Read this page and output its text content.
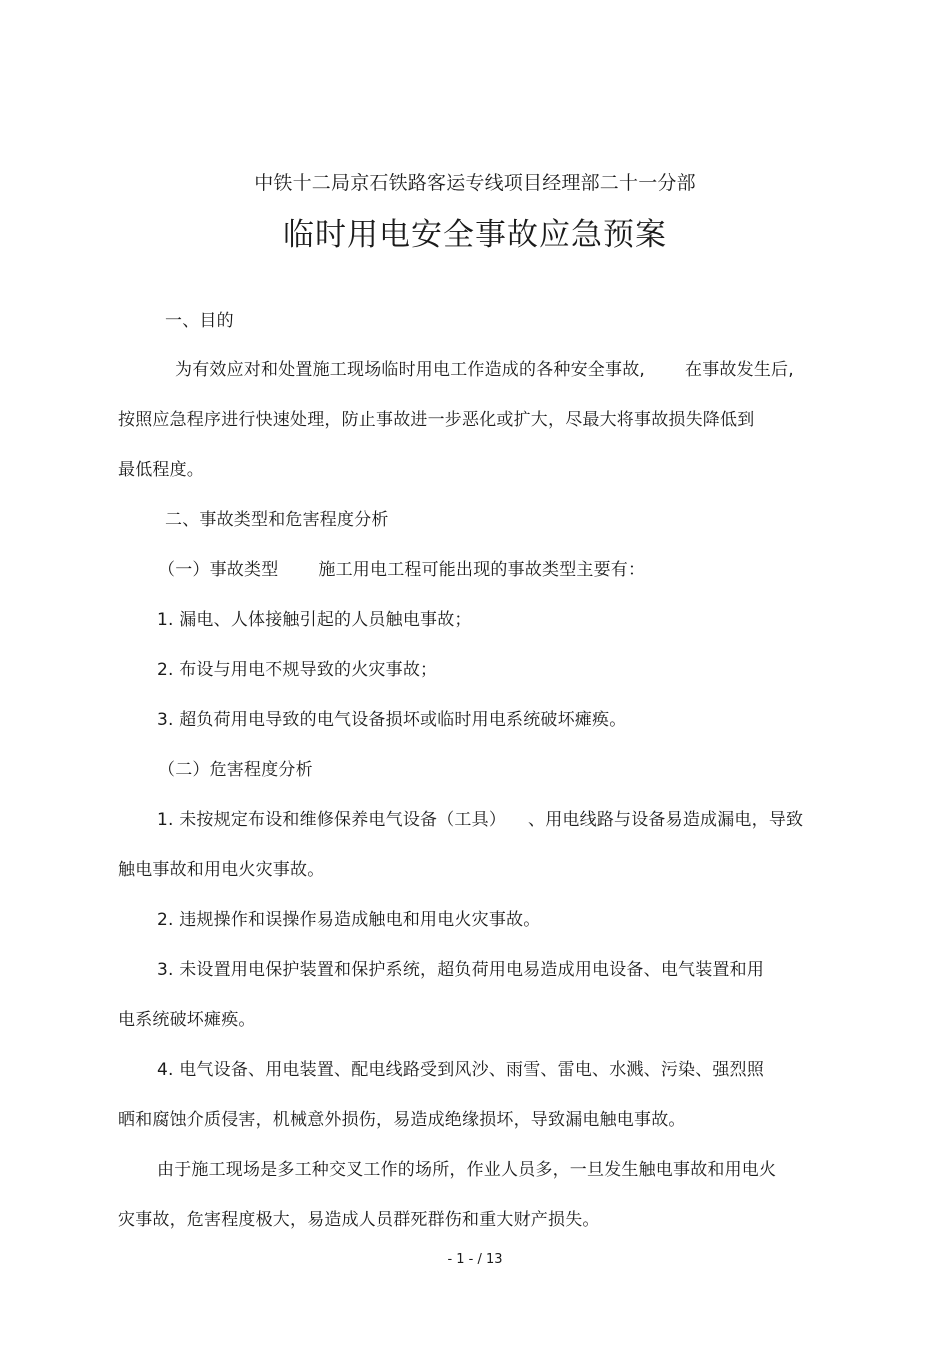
中铁十二局京石铁路客运专线项目经理部二十一分部
临时用电安全事故应急预案
一、目的
为有效应对和处置施工现场临时用电工作造成的各种安全事故, 在事故发生后,
按照应急程序进行快速处理，防止事故进一步恶化或扩大，尽最大将事故损失降低到
最低程度。
二、事故类型和危害程度分析
（一）事故类型 施工用电工程可能出现的事故类型主要有：
1. 漏电、人体接触引起的人员触电事故；
2. 布设与用电不规导致的火灾事故；
3. 超负荷用电导致的电气设备损坏或临时用电系统破坏瘫痪。
（二）危害程度分析
1. 未按规定布设和维修保养电气设备（工具） 、用电线路与设备易造成漏电，导致
触电事故和用电火灾事故。
2. 违规操作和误操作易造成触电和用电火灾事故。
3. 未设置用电保护装置和保护系统，超负荷用电易造成用电设备、电气装置和用
电系统破坏瘫痪。
4. 电气设备、用电装置、配电线路受到风沙、雨雪、雷电、水溅、污染、强烈照
晒和腐蚀介质侵害，机械意外损伤，易造成绝缘损坏，导致漏电触电事故。
由于施工现场是多工种交叉工作的场所，作业人员多，一旦发生触电事故和用电火
灾事故，危害程度极大，易造成人员群死群伤和重大财产损失。
- 1 - / 13
